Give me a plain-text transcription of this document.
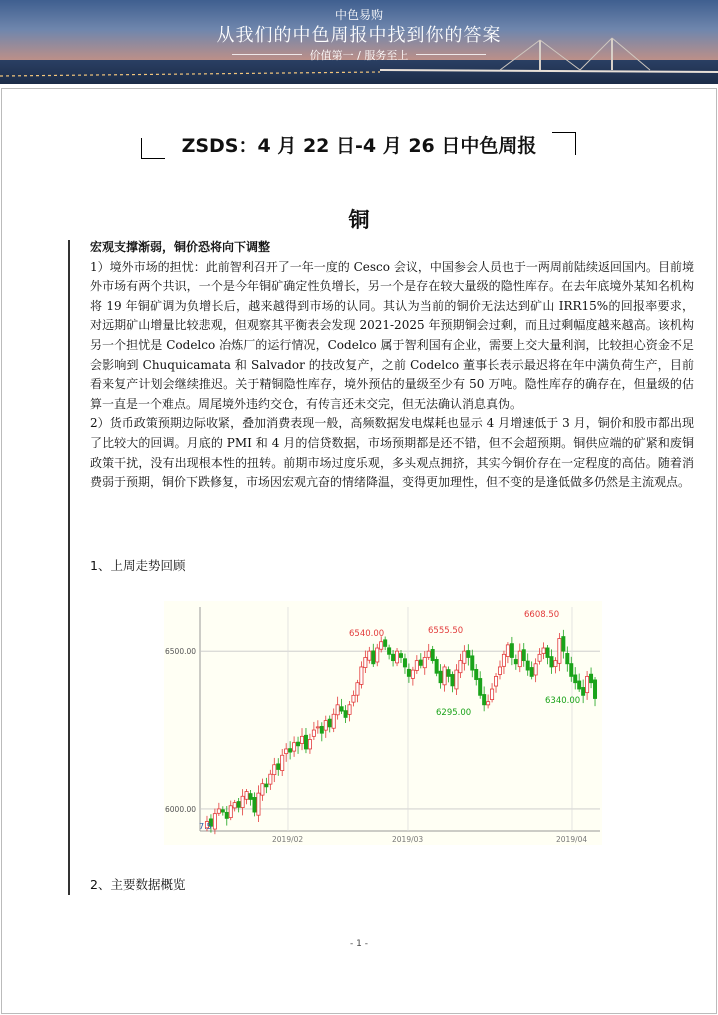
中色易购
从我们的中色周报中找到你的答案
价值第一 / 服务至上
ZSDS：4 月 22 日-4 月 26 日中色周报
铜

宏观支撑渐弱，铜价恐将向下调整

1）境外市场的担忧：此前智利召开了一年一度的 Cesco 会议，中国参会人员也于一两周前陆续返回国内。目前境外市场有两个共识，一个是今年铜矿确定性负增长，另一个是存在较大量级的隐性库存。在去年底境外某知名机构将 19 年铜矿调为负增长后，越来越得到市场的认同。其认为当前的铜价无法达到矿山 IRR15%的回报率要求，对远期矿山增量比较悲观，但观察其平衡表会发现 2021-2025 年预期铜会过剩，而且过剩幅度越来越高。该机构另一个担忧是 Codelco 冶炼厂的运行情况，Codelco 属于智利国有企业，需要上交大量利润，比较担心资金不足会影响到 Chuquicamata 和 Salvador 的技改复产，之前 Codelco 董事长表示最迟将在年中满负荷生产，目前看来复产计划会继续推迟。关于精铜隐性库存，境外预估的量级至少有 50 万吨。隐性库存的确存在，但量级的估算一直是一个难点。周尾境外违约交仓，有传言还未交完，但无法确认消息真伪。

2）货币政策预期边际收紧，叠加消费表现一般，高频数据发电煤耗也显示 4 月增速低于 3 月，铜价和股市都出现了比较大的回调。月底的 PMI 和 4 月的信贷数据，市场预期都是还不错，但不会超预期。铜供应端的矿紧和废铜政策干扰，没有出现根本性的扭转。前期市场过度乐观，多头观点拥挤，其实今铜价存在一定程度的高估。随着消费弱于预期，铜价下跌修复，市场因宏观亢奋的情绪降温，变得更加理性，但不变的是逢低做多仍然是主流观点。

1、上周走势回顾
6500.00
6000.00
2019/02	2019/03	2019/04
6540.00	6555.50
6608.50
6295.00
6340.00
7.5
2、主要数据概览
- 1 -
